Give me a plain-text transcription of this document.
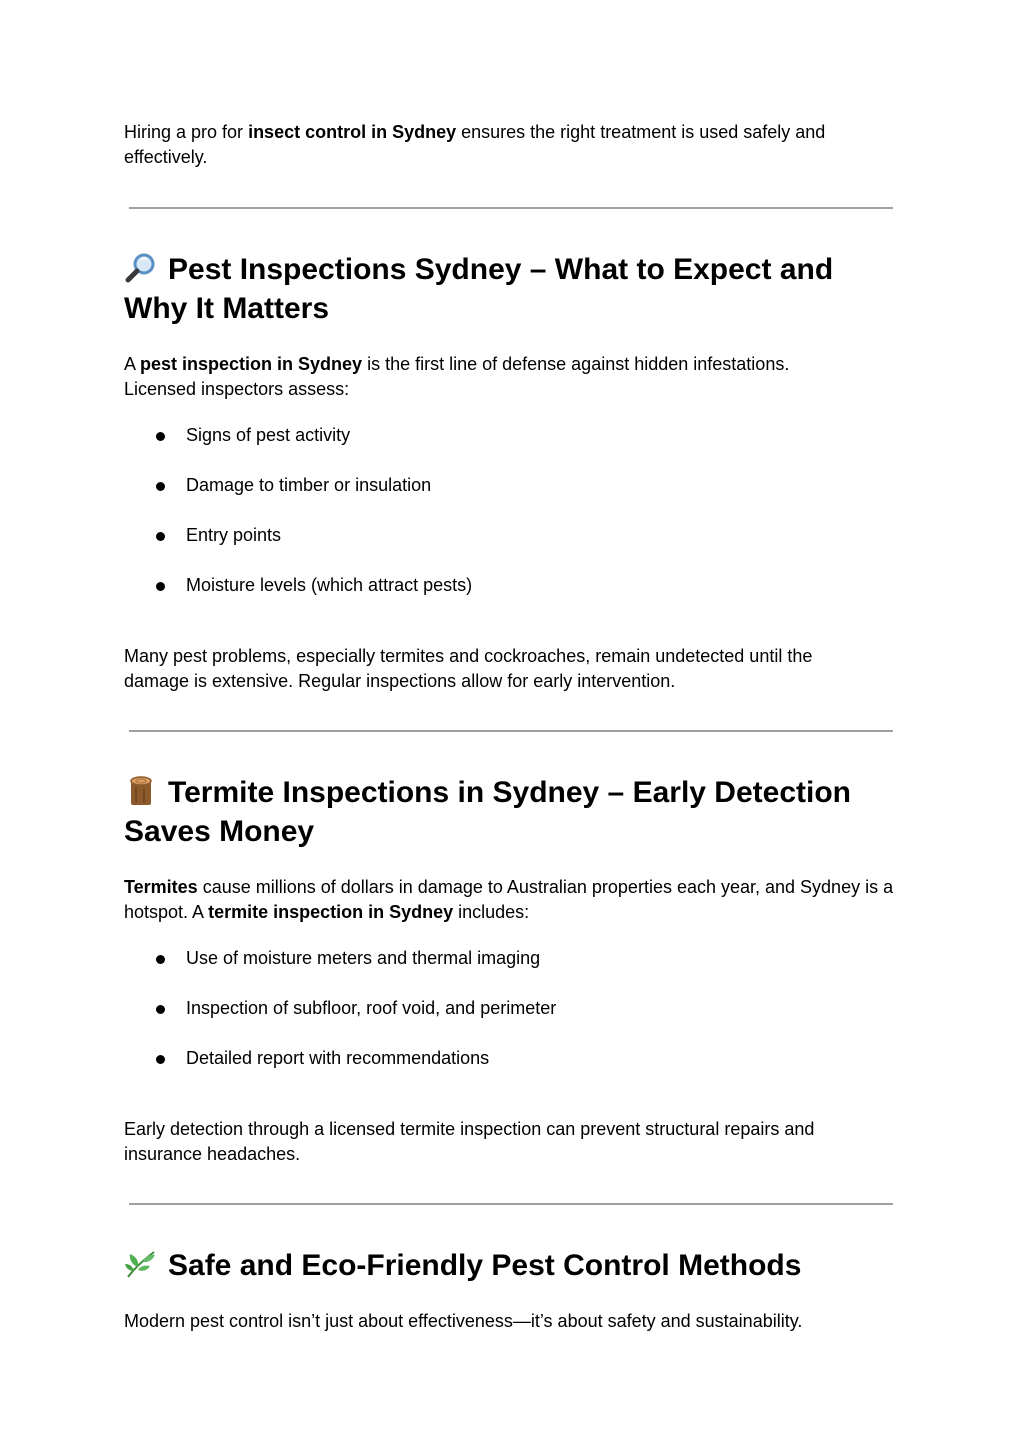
Hiring a pro for insect control in Sydney ensures the right treatment is used safely and effectively.

Pest Inspections Sydney – What to Expect and Why It Matters

A pest inspection in Sydney is the first line of defense against hidden infestations. Licensed inspectors assess:

Signs of pest activity
Damage to timber or insulation
Entry points
Moisture levels (which attract pests)

Many pest problems, especially termites and cockroaches, remain undetected until the damage is extensive. Regular inspections allow for early intervention.

Termite Inspections in Sydney – Early Detection Saves Money

Termites cause millions of dollars in damage to Australian properties each year, and Sydney is a hotspot. A termite inspection in Sydney includes:

Use of moisture meters and thermal imaging
Inspection of subfloor, roof void, and perimeter
Detailed report with recommendations

Early detection through a licensed termite inspection can prevent structural repairs and insurance headaches.

Safe and Eco-Friendly Pest Control Methods

Modern pest control isn’t just about effectiveness—it’s about safety and sustainability.
